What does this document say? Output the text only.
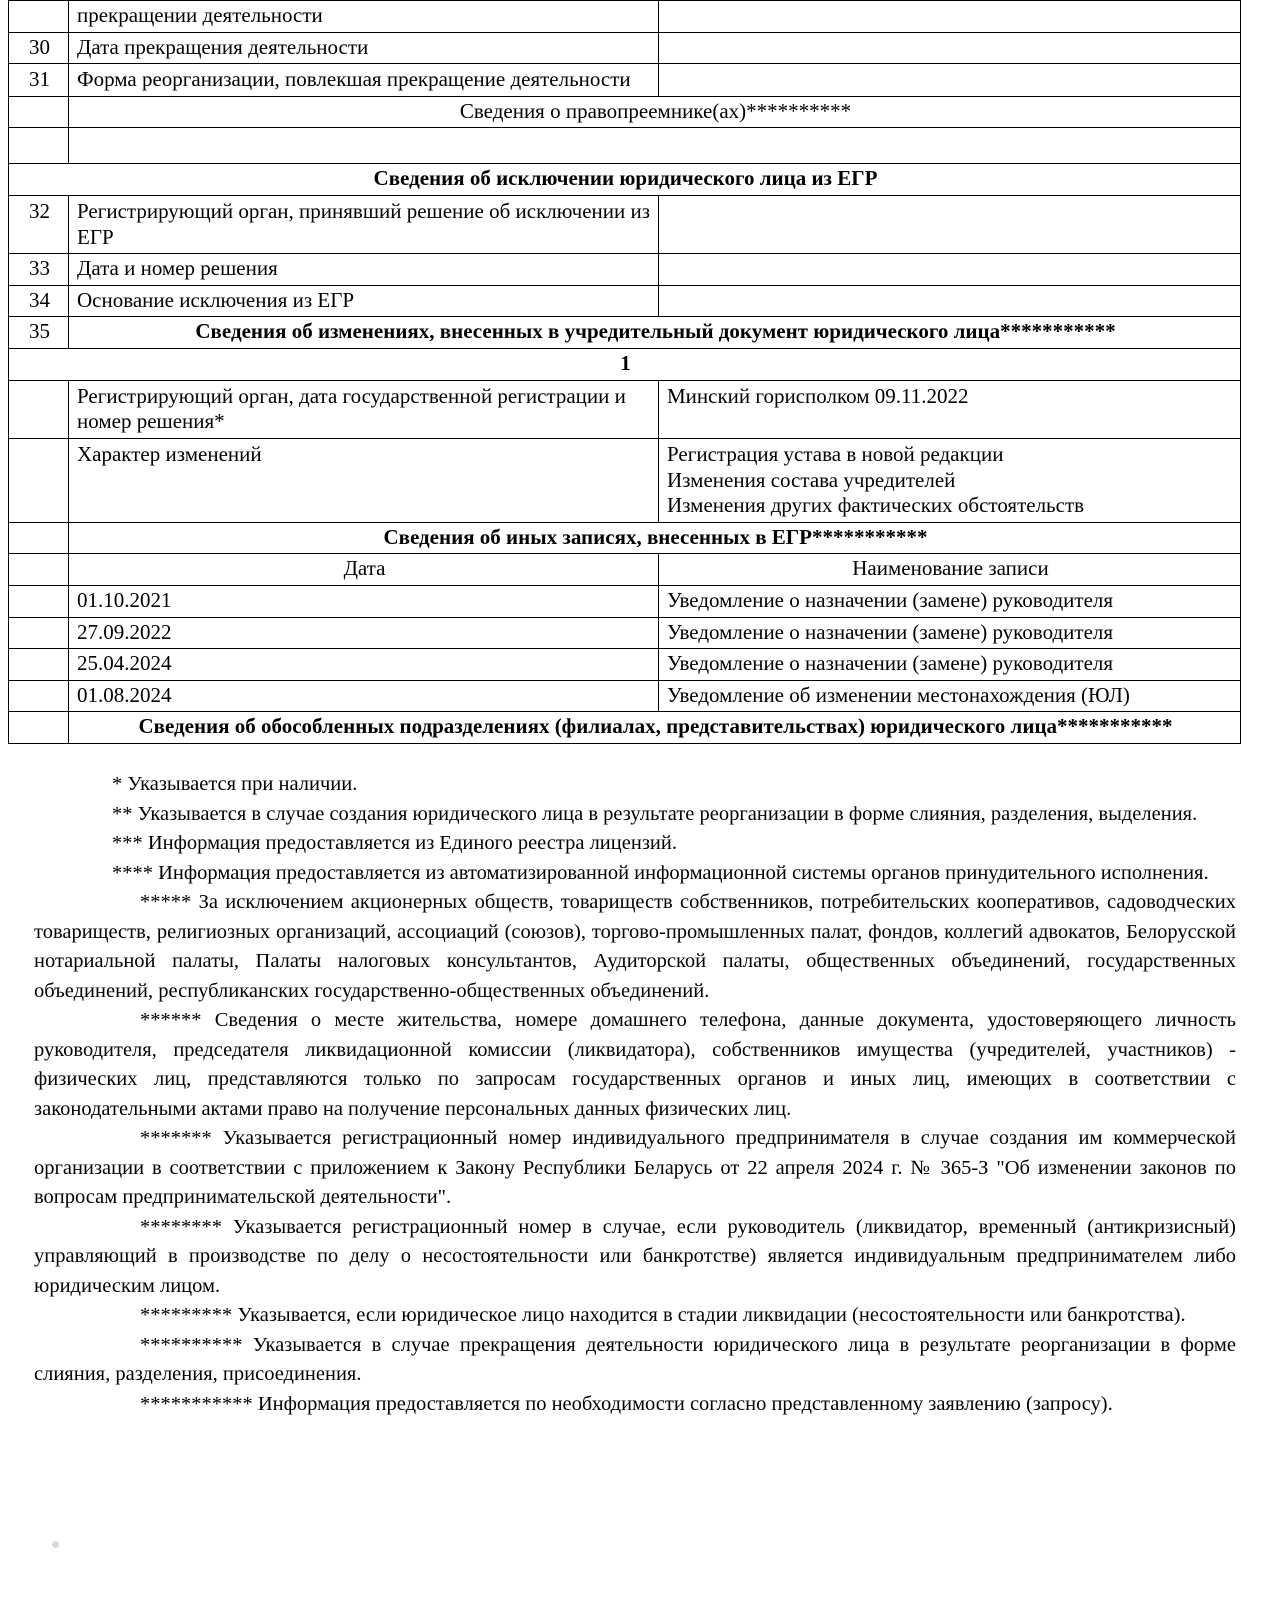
	прекращении деятельности	
30	Дата прекращения деятельности	
31	Форма реорганизации, повлекшая прекращение деятельности	
	Сведения о правопреемнике(ах)**********	

Сведения об исключении юридического лица из ЕГР		
32	Регистрирующий орган, принявший решение об исключении из ЕГР	
33	Дата и номер решения	
34	Основание исключения из ЕГР	
35	Сведения об изменениях, внесенных в учредительный документ юридического лица***********	
1		
	Регистрирующий орган, дата государственной регистрации и номер решения*	Минский горисполком 09.11.2022

	Характер изменений	Регистрация устава в новой редакции
Изменения состава учредителей
Изменения других фактических обстоятельств

	Сведения об иных записях, внесенных в ЕГР***********	
	Дата	Наименование записи
	01.10.2021	Уведомление о назначении (замене) руководителя
	27.09.2022	Уведомление о назначении (замене) руководителя
	25.04.2024	Уведомление о назначении (замене) руководителя
	01.08.2024	Уведомление об изменении местонахождения (ЮЛ)
	Сведения об обособленных подразделениях (филиалах, представительствах) юридического лица***********	

* Указывается при наличии.

** Указывается в случае создания юридического лица в результате реорганизации в форме слияния, разделения, выделения.

*** Информация предоставляется из Единого реестра лицензий.

**** Информация предоставляется из автоматизированной информационной системы органов принудительного исполнения.

***** За исключением акционерных обществ, товариществ собственников, потребительских кооперативов, садоводческих товариществ, религиозных организаций, ассоциаций (союзов), торгово-промышленных палат, фондов, коллегий адвокатов, Белорусской нотариальной палаты, Палаты налоговых консультантов, Аудиторской палаты, общественных объединений, государственных объединений, республиканских государственно-общественных объединений.

****** Сведения о месте жительства, номере домашнего телефона, данные документа, удостоверяющего личность руководителя, председателя ликвидационной комиссии (ликвидатора), собственников имущества (учредителей, участников) - физических лиц, представляются только по запросам государственных органов и иных лиц, имеющих в соответствии с законодательными актами право на получение персональных данных физических лиц.

******* Указывается регистрационный номер индивидуального предпринимателя в случае создания им коммерческой организации в соответствии с приложением к Закону Республики Беларусь от 22 апреля 2024 г. № 365-З "Об изменении законов по вопросам предпринимательской деятельности".

******** Указывается регистрационный номер в случае, если руководитель (ликвидатор, временный (антикризисный) управляющий в производстве по делу о несостоятельности или банкротстве) является индивидуальным предпринимателем либо юридическим лицом.

********* Указывается, если юридическое лицо находится в стадии ликвидации (несостоятельности или банкротства).

********** Указывается в случае прекращения деятельности юридического лица в результате реорганизации в форме слияния, разделения, присоединения.

*********** Информация предоставляется по необходимости согласно представленному заявлению (запросу).
